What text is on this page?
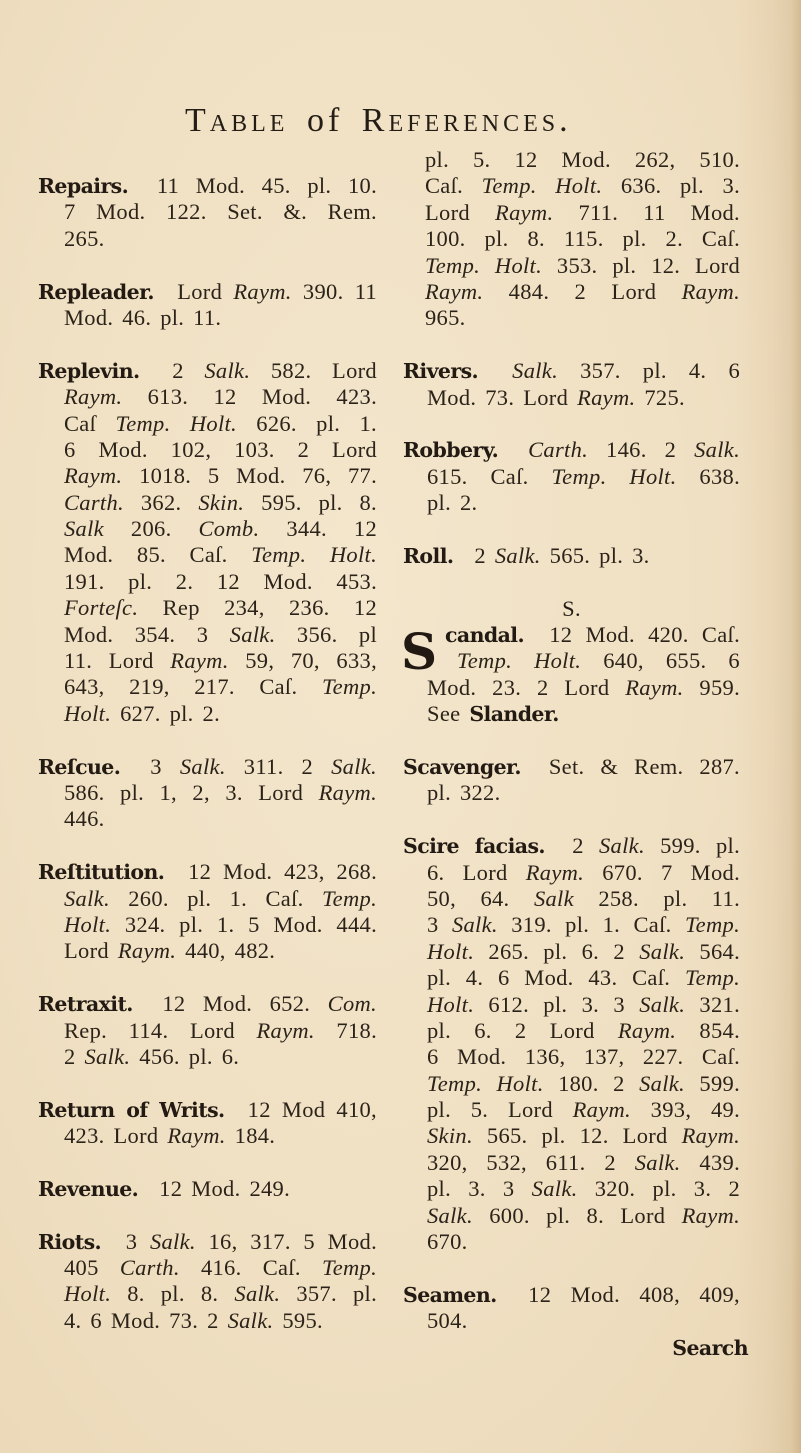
Table of References.
Repairs. 11 Mod. 45. pl. 10.
7 Mod. 122. Set. &. Rem.
265.
Repleader. Lord Raym. 390. 11
Mod. 46. pl. 11.
Replevin. 2 Salk. 582. Lord
Raym. 613. 12 Mod. 423.
Caſ Temp. Holt. 626. pl. 1.
6 Mod. 102, 103. 2 Lord
Raym. 1018. 5 Mod. 76, 77.
Carth. 362. Skin. 595. pl. 8.
Salk 206. Comb. 344. 12
Mod. 85. Caſ. Temp. Holt.
191. pl. 2. 12 Mod. 453.
Forteſc. Rep 234, 236. 12
Mod. 354. 3 Salk. 356. pl
11. Lord Raym. 59, 70, 633,
643, 219, 217. Caſ. Temp.
Holt. 627. pl. 2.
Reſcue. 3 Salk. 311. 2 Salk.
586. pl. 1, 2, 3. Lord Raym.
446.
Reſtitution. 12 Mod. 423, 268.
Salk. 260. pl. 1. Caſ. Temp.
Holt. 324. pl. 1. 5 Mod. 444.
Lord Raym. 440, 482.
Retraxit. 12 Mod. 652. Com.
Rep. 114. Lord Raym. 718.
2 Salk. 456. pl. 6.
Return of Writs. 12 Mod 410,
423. Lord Raym. 184.
Revenue. 12 Mod. 249.
Riots. 3 Salk. 16, 317. 5 Mod.
405 Carth. 416. Caſ. Temp.
Holt. 8. pl. 8. Salk. 357. pl.
4. 6 Mod. 73. 2 Salk. 595.
pl. 5. 12 Mod. 262, 510.
Caſ. Temp. Holt. 636. pl. 3.
Lord Raym. 711. 11 Mod.
100. pl. 8. 115. pl. 2. Caſ.
Temp. Holt. 353. pl. 12. Lord
Raym. 484. 2 Lord Raym.
965.
Rivers. Salk. 357. pl. 4. 6
Mod. 73. Lord Raym. 725.
Robbery. Carth. 146. 2 Salk.
615. Caſ. Temp. Holt. 638.
pl. 2.
Roll. 2 Salk. 565. pl. 3.
S.
S candal. 12 Mod. 420. Caſ.
Temp. Holt. 640, 655. 6
Mod. 23. 2 Lord Raym. 959.
See Slander.
Scavenger. Set. & Rem. 287.
pl. 322.
Scire facias. 2 Salk. 599. pl.
6. Lord Raym. 670. 7 Mod.
50, 64. Salk 258. pl. 11.
3 Salk. 319. pl. 1. Caſ. Temp.
Holt. 265. pl. 6. 2 Salk. 564.
pl. 4. 6 Mod. 43. Caſ. Temp.
Holt. 612. pl. 3. 3 Salk. 321.
pl. 6. 2 Lord Raym. 854.
6 Mod. 136, 137, 227. Caſ.
Temp. Holt. 180. 2 Salk. 599.
pl. 5. Lord Raym. 393, 49.
Skin. 565. pl. 12. Lord Raym.
320, 532, 611. 2 Salk. 439.
pl. 3. 3 Salk. 320. pl. 3. 2
Salk. 600. pl. 8. Lord Raym.
670.
Seamen. 12 Mod. 408, 409,
504.
Search
